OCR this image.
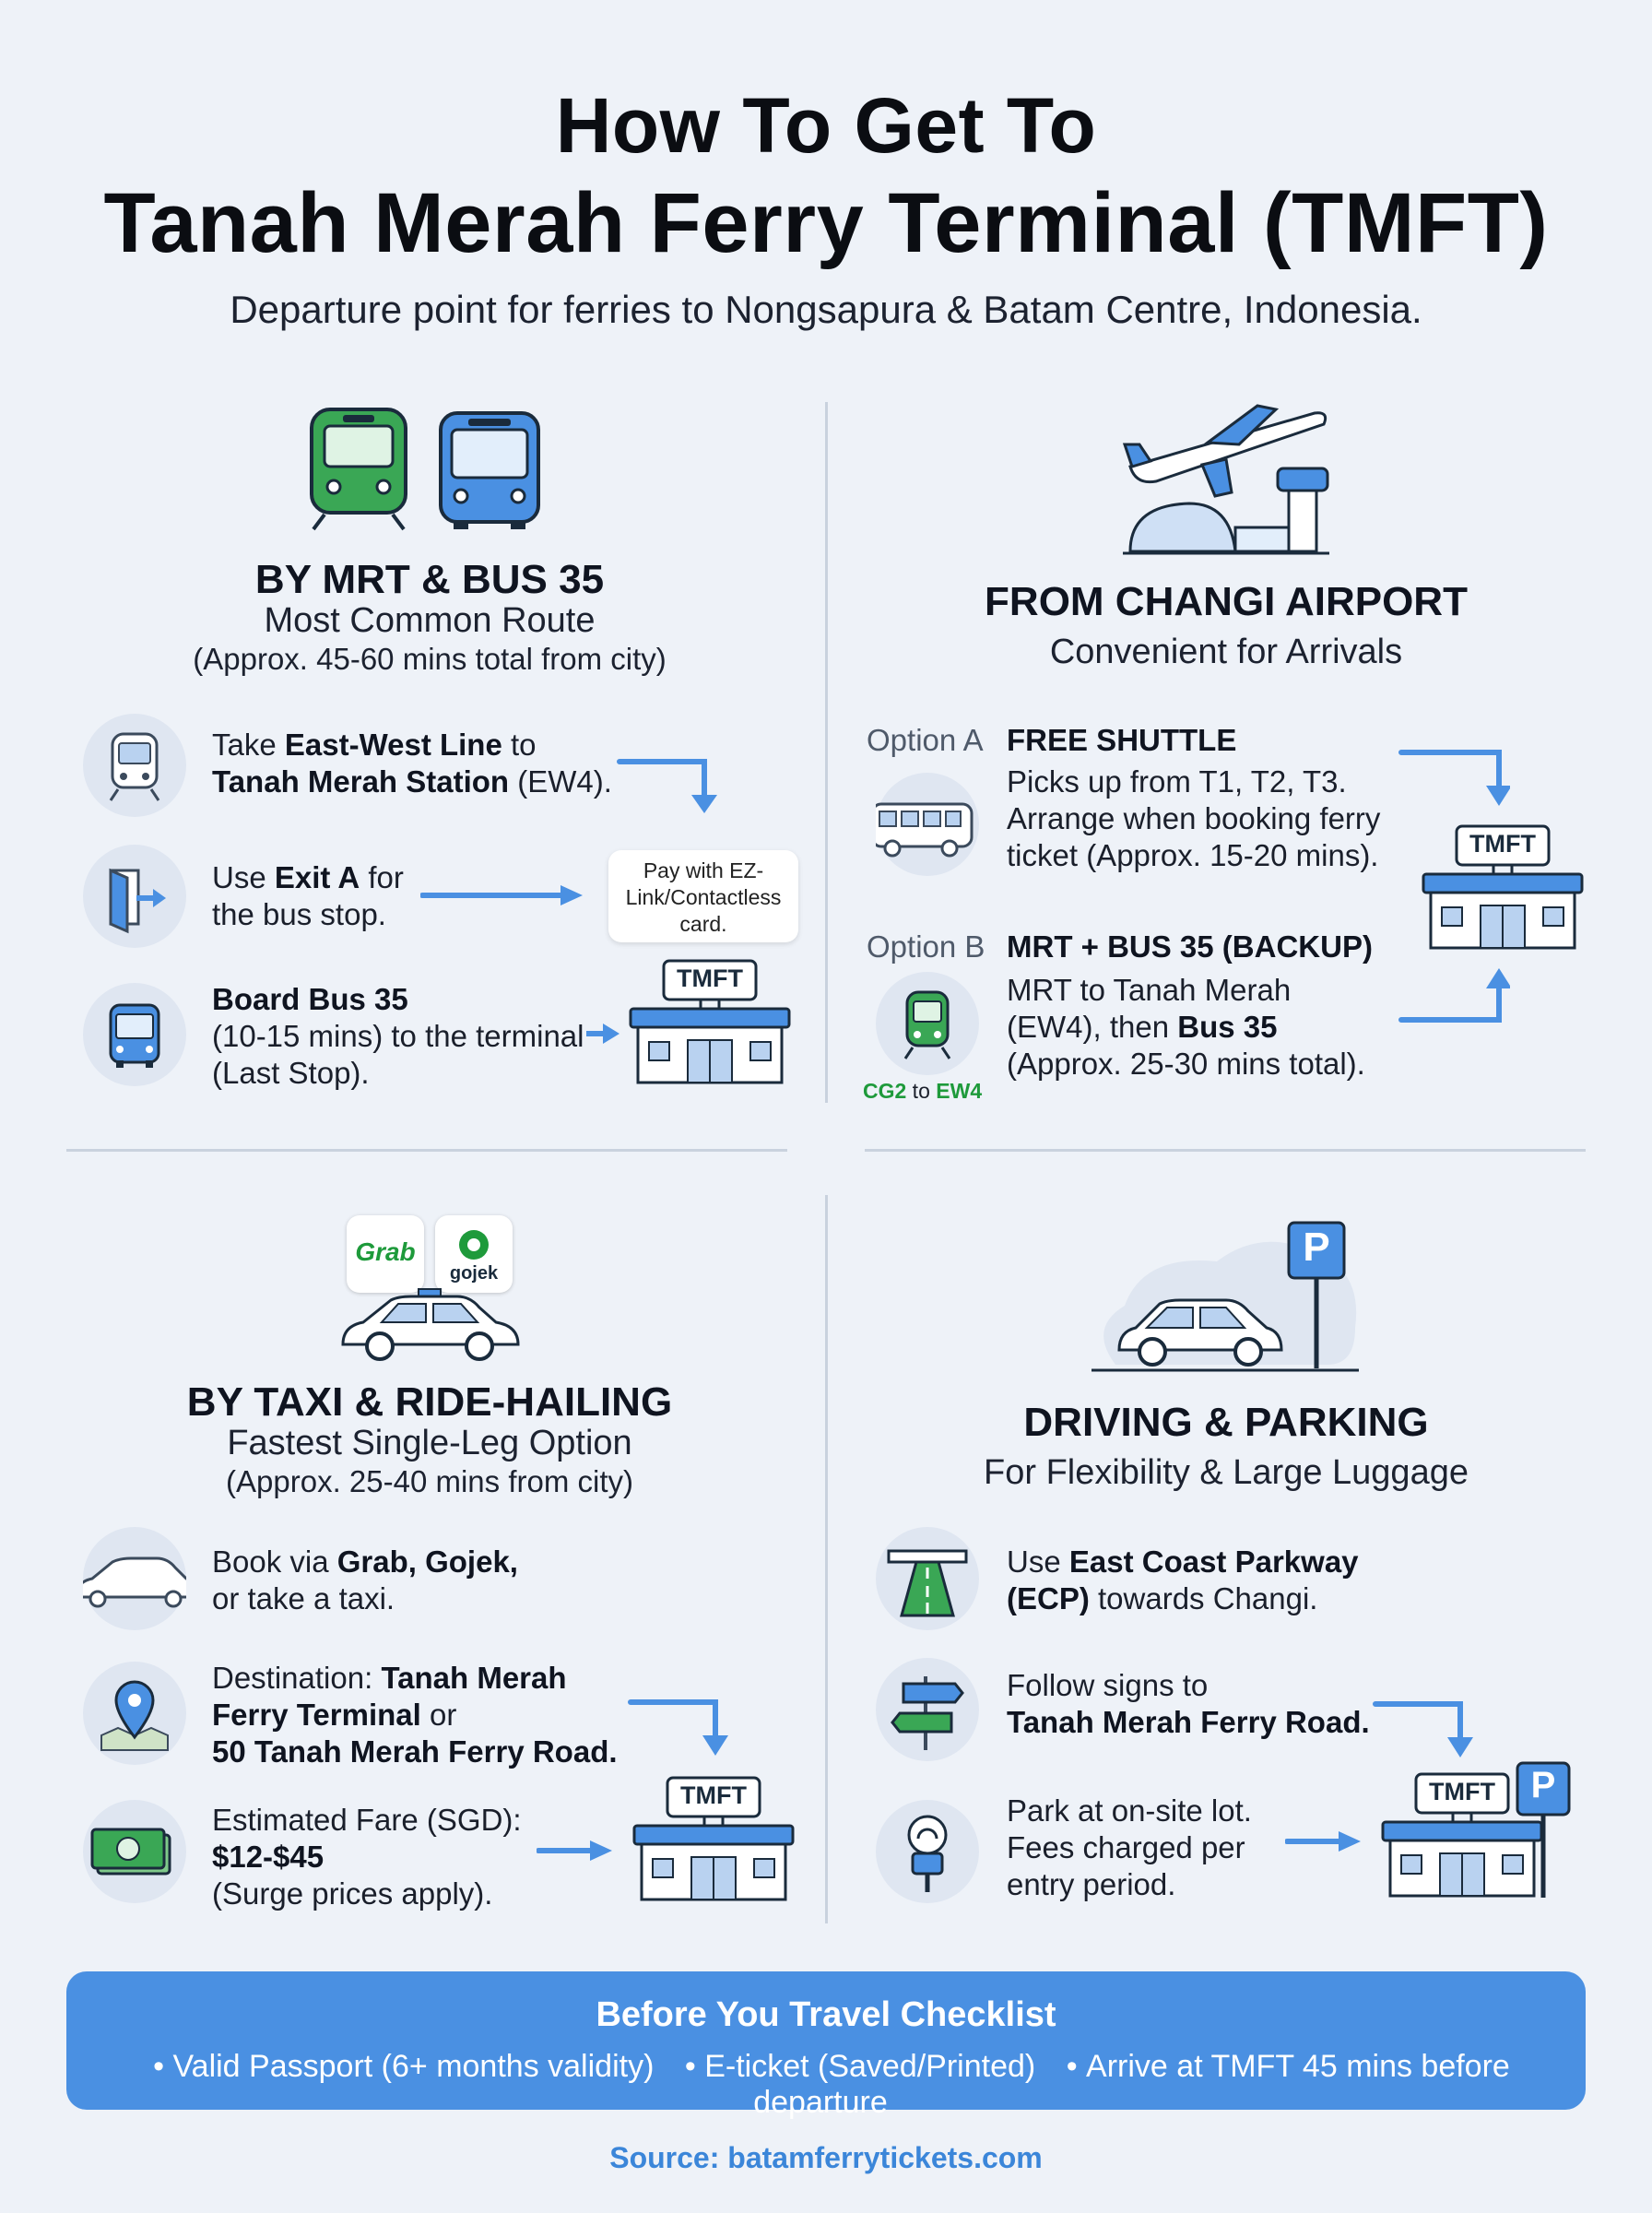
How To Get To
Tanah Merah Ferry Terminal (TMFT)
Departure point for ferries to Nongsapura & Batam Centre, Indonesia.
BY MRT & BUS 35
Most Common Route
(Approx. 45-60 mins total from city)
Take East-West Line to
Tanah Merah Station (EW4).
Use Exit A for
the bus stop.
Pay with EZ-
Link/Contactless
card.
Board Bus 35
(10-15 mins) to the terminal
(Last Stop).
TMFT
FROM CHANGI AIRPORT
Convenient for Arrivals
Option A FREE SHUTTLE
Picks up from T1, T2, T3.
Arrange when booking ferry
ticket (Approx. 15-20 mins).
Option B MRT + BUS 35 (BACKUP)
CG2 to EW4
MRT to Tanah Merah
(EW4), then Bus 35
(Approx. 25-30 mins total).
TMFT
Grab
gojek
BY TAXI & RIDE-HAILING
Fastest Single-Leg Option
(Approx. 25-40 mins from city)
Book via Grab, Gojek,
or take a taxi.
Destination: Tanah Merah
Ferry Terminal or
50 Tanah Merah Ferry Road.
Estimated Fare (SGD):
$12-$45
(Surge prices apply).
TMFT
P
DRIVING & PARKING
For Flexibility & Large Luggage
Use East Coast Parkway
(ECP) towards Changi.
Follow signs to
Tanah Merah Ferry Road.
Park at on-site lot.
Fees charged per
entry period.
TMFT P
Before You Travel Checklist
• Valid Passport (6+ months validity) • E-ticket (Saved/Printed) • Arrive at TMFT 45 mins before departure
Source: batamferrytickets.com
